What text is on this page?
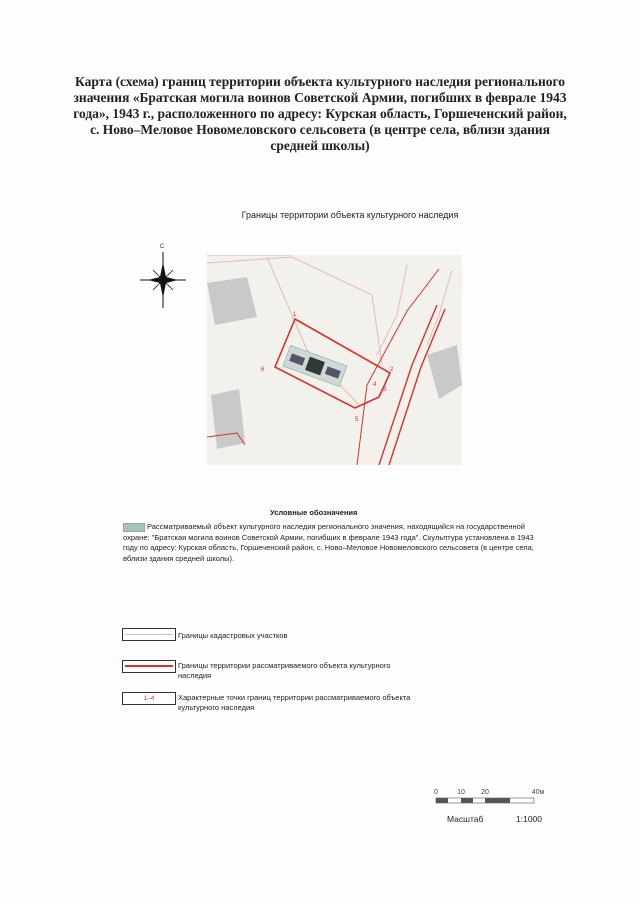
Карта (схема) границ территории объекта культурного наследия регионального значения «Братская могила воинов Советской Армии, погибших в феврале 1943 года», 1943 г., расположенного по адресу: Курская область, Горшеченский район, с. Ново–Меловое Новомеловского сельсовета (в центре села, вблизи здания средней школы)
Границы территории объекта культурного наследия
С
1
2
3
4
5
6
Условные обозначения
Рассматриваемый объект культурного наследия регионального значения, находящийся на государственной охране: "Братская могила воинов Советской Армии, погибших в феврале 1943 года". Скульптура установлена в 1943 году по адресу: Курская область, Горшеченский район, с. Ново–Меловое Новомеловского сельсовета (в центре села, вблизи здания средней школы).
Границы кадастровых участков
Границы территории рассматриваемого объекта культурного наследия
1–4	Характерные точки границ территории рассматриваемого объекта культурного наследия
0	10 20	40м
Масштаб	1:1000
